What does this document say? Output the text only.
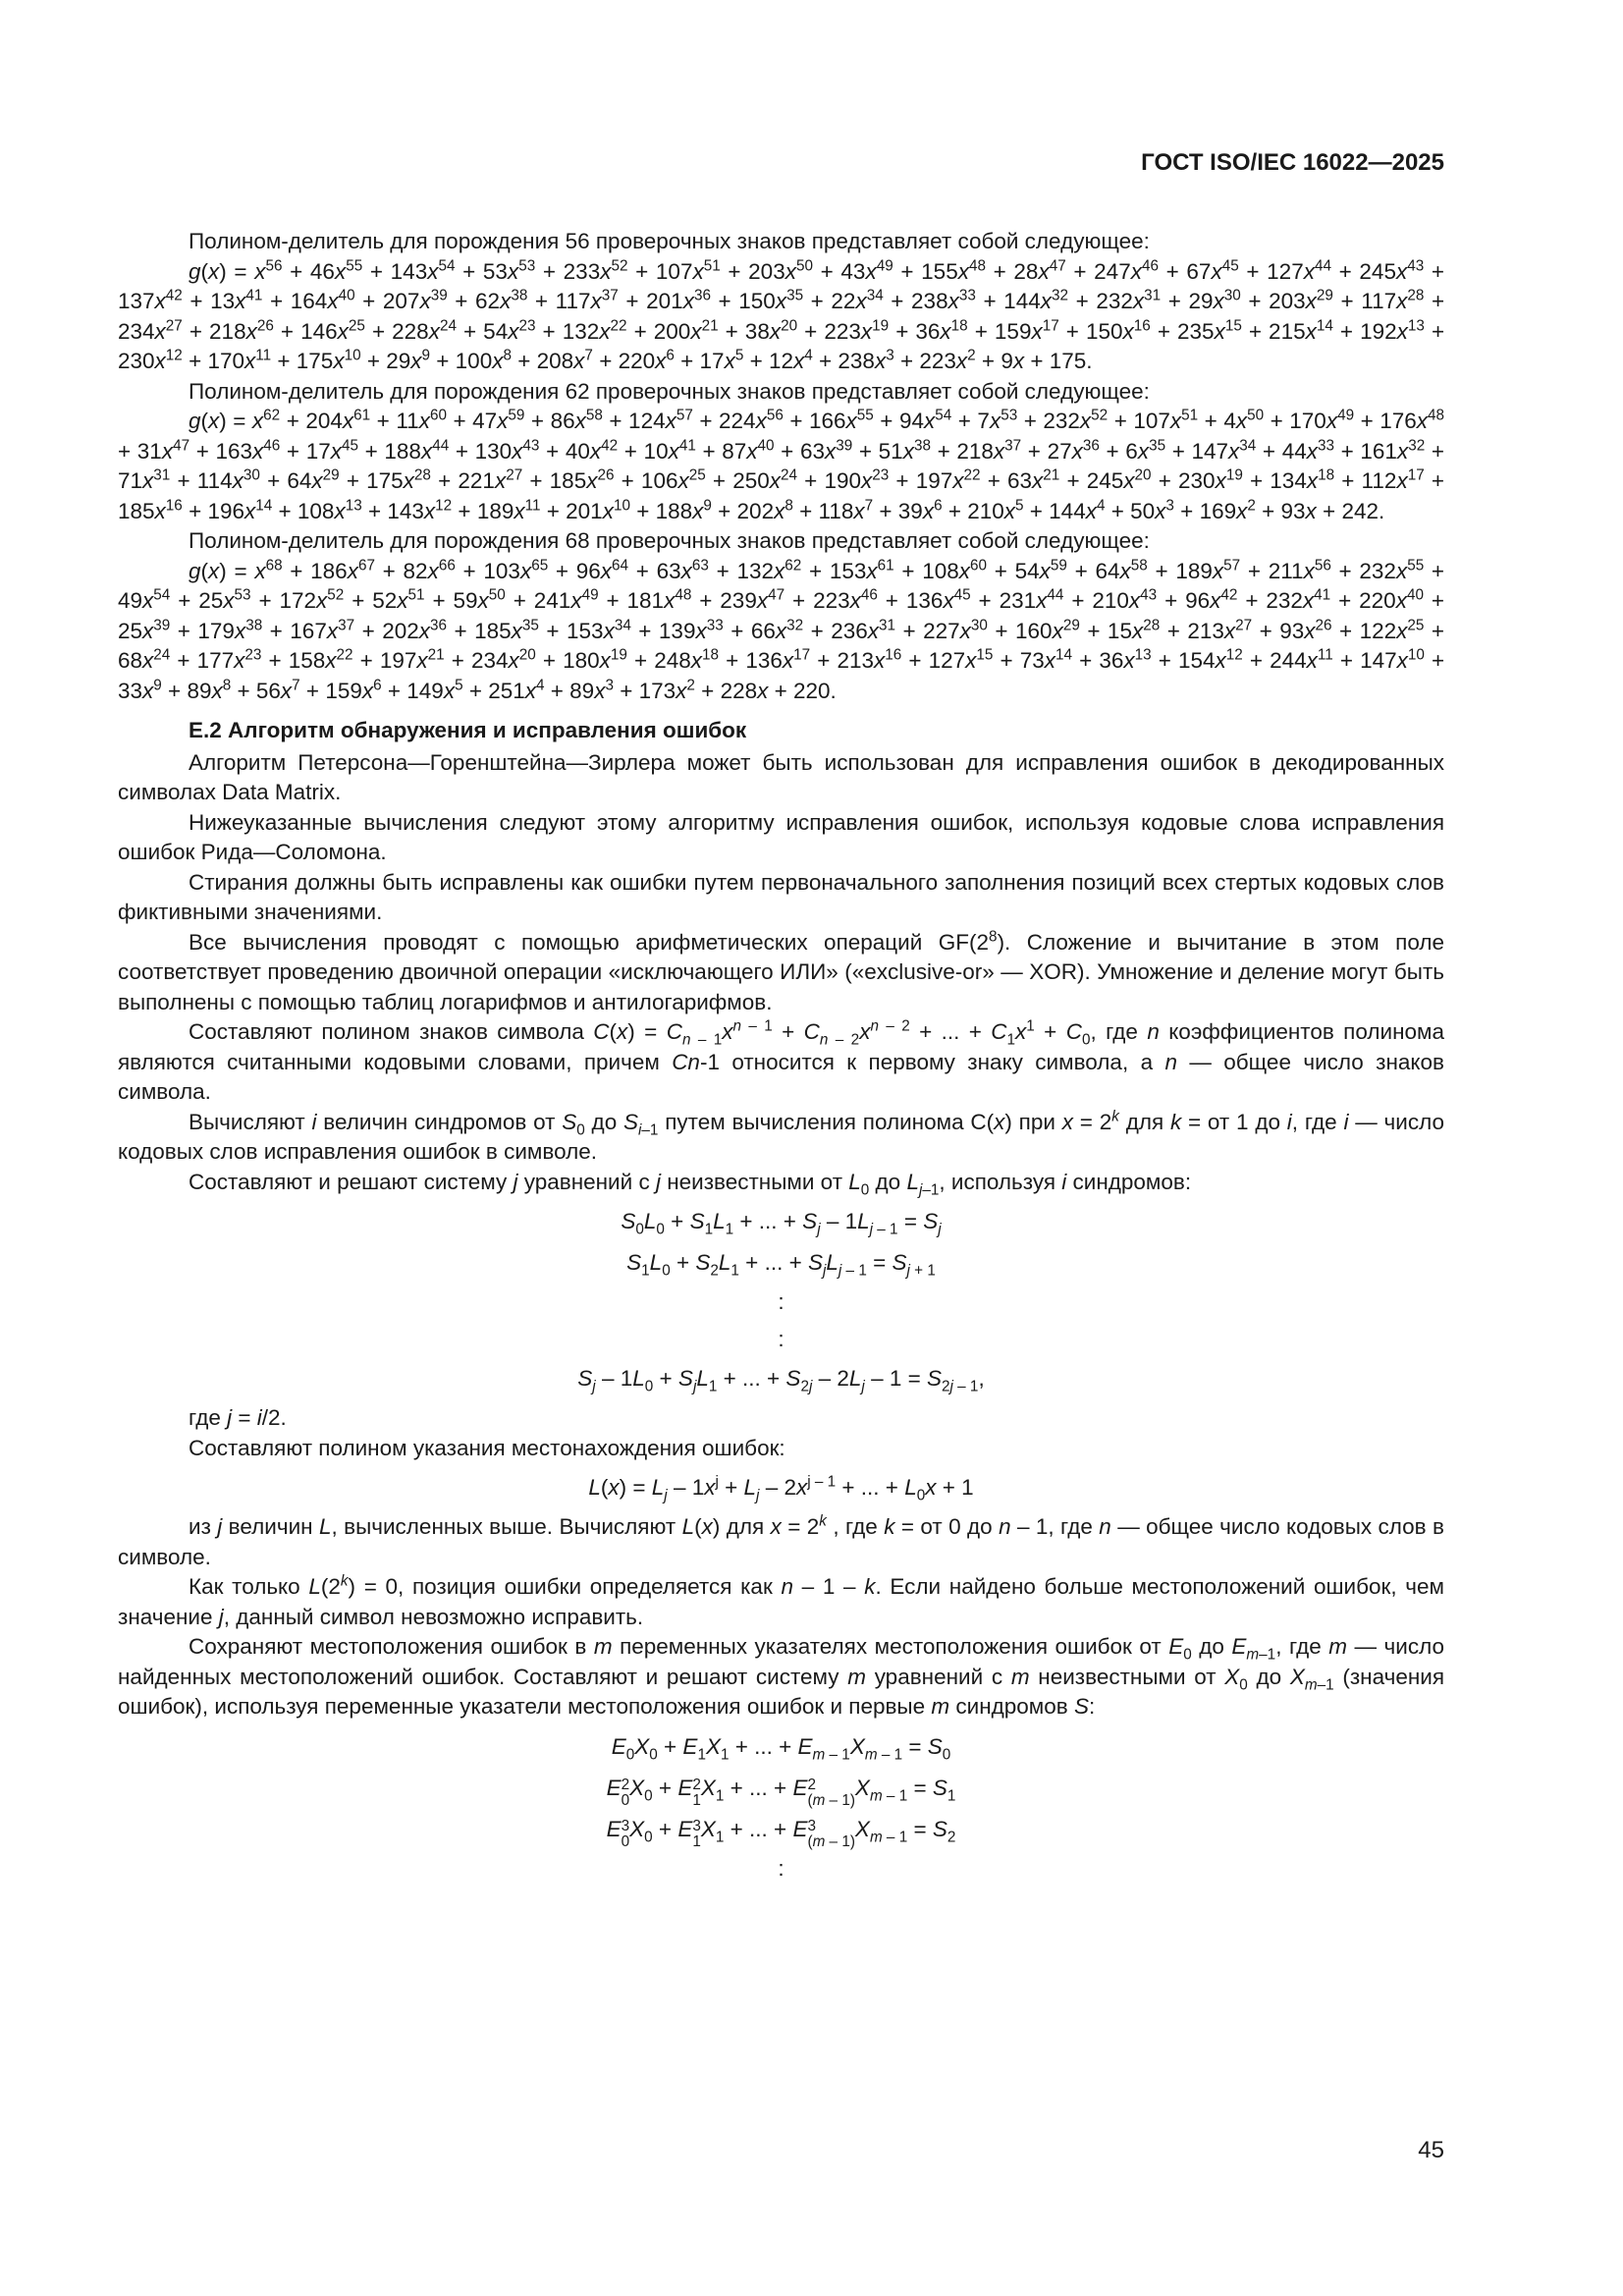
ГОСТ ISO/IEC 16022—2025

Полином-делитель для порождения 56 проверочных знаков представляет собой следующее:

g(x) = $x^{56} + 46x^{55} + 143x^{54} + 53x^{53} + 233x^{52} + 107x^{51} + 203x^{50} + 43x^{49} + 155x^{48} + 28x^{47} + 247x^{46} + 67x^{45} + 127x^{44} + 245x^{43} + 137x^{42} + 13x^{41} + 164x^{40} + 207x^{39} + 62x^{38} + 117x^{37} + 201x^{36} + 150x^{35} + 22x^{34} + 238x^{33} + 144x^{32} + 232x^{31} + 29x^{30} + 203x^{29} + 117x^{28} + 234x^{27} + 218x^{26}$ + $146x^{25} + 228x^{24} + 54x^{23} + 132x^{22} + 200x^{21} + 38x^{20} + 223x^{19} + 36x^{18} + 159x^{17} + 150x^{16} + 235x^{15} + 215x^{14} + 192x^{13} + 230x^{12} + 170x^{11} + 175x^{10} + 29x^9 + 100x^8 + 208x^7 + 220x^6 + 17x^5 + 12x^4 + 238x^3 + 223x^2 + 9x + 175$.

Полином-делитель для порождения 62 проверочных знаков представляет собой следующее:

g(x) = $x^{62} + 204x^{61} + 11x^{60} + 47x^{59} + 86x^{58} + 124x^{57} + 224x^{56} + 166x^{55} + 94x^{54} + 7x^{53} + 232x^{52} + 107x^{51} + 4x^{50} + 170x^{49} + 176x^{48} + 31x^{47} + 163x^{46} + 17x^{45} + 188x^{44} + 130x^{43} + 40x^{42} + 10x^{41} + 87x^{40} + 63x^{39} + 51x^{38} + 218x^{37} + 27x^{36} + 6x^{35} + 147x^{34} + 44x^{33} + 161x^{32}$ + $71x^{31} + 114x^{30} + 64x^{29} + 175x^{28} + 221x^{27} + 185x^{26} + 106x^{25} + 250x^{24} + 190x^{23} + 197x^{22} + 63x^{21} + 245x^{20} + 230x^{19} + 134x^{18} + 112x^{17} + 185x^{16} + 196x^{14} + 108x^{13} + 143x^{12} + 189x^{11} + 201x^{10} + 188x^9 + 202x^8 + 118x^7 + 39x^6 + 210x^5 + 144x^4 + 50x^3 + 169x^2 + 93x + 242$.

Полином-делитель для порождения 68 проверочных знаков представляет собой следующее:

g(x) = $x^{68} + 186x^{67} + 82x^{66} + 103x^{65} + 96x^{64} + 63x^{63} + 132x^{62} + 153x^{61} + 108x^{60} + 54x^{59} + 64x^{58} + 189x^{57} + 211x^{56} + 232x^{55} + 49x^{54} + 25x^{53} + 172x^{52} + 52x^{51} + 59x^{50} + 241x^{49} + 181x^{48} + 239x^{47} + 223x^{46} + 136x^{45} + 231x^{44} + 210x^{43} + 96x^{42} + 232x^{41} + 220x^{40} + 25x^{39} + 179x^{38}$ + $167x^{37} + 202x^{36} + 185x^{35} + 153x^{34} + 139x^{33} + 66x^{32} + 236x^{31} + 227x^{30} + 160x^{29} + 15x^{28} + 213x^{27} + 93x^{26} + 122x^{25} + 68x^{24} + 177x^{23} + 158x^{22} + 197x^{21} + 234x^{20} + 180x^{19} + 248x^{18} + 136x^{17} + 213x^{16} + 127x^{15} + 73x^{14} + 36x^{13} + 154x^{12} + 244x^{11} + 147x^{10} + 33x^9 + 89x^8 + 56x^7$ + $159x^6 + 149x^5 + 251x^4 + 89x^3 + 173x^2 + 228x + 220$.

E.2 Алгоритм обнаружения и исправления ошибок

Алгоритм Петерсона—Горенштейна—Зирлера может быть использован для исправления ошибок в декодированных символах Data Matrix.

Нижеуказанные вычисления следуют этому алгоритму исправления ошибок, используя кодовые слова исправления ошибок Рида—Соломона.

Стирания должны быть исправлены как ошибки путем первоначального заполнения позиций всех стертых кодовых слов фиктивными значениями.

Все вычисления проводят с помощью арифметических операций $GF(2^8)$. Сложение и вычитание в этом поле соответствует проведению двоичной операции «исключающего ИЛИ» («exclusive-or» — XOR). Умножение и деление могут быть выполнены с помощью таблиц логарифмов и антилогарифмов.

Составляют полином знаков символа $C(x) = C_{n - 1}x^{n - 1} + C_{n - 2}x^{n - 2}$ + ... + $C_1x^1 + C_0$, где n коэффициентов полинома являются считанными кодовыми словами, причем Cn-1 относится к первому знаку символа, а n — общее число знаков символа.

Вычисляют i величин синдромов от $S_0$ до $S_{i-1}$ путем вычисления полинома C(x) при $x = 2^k$ для k = от 1 до i, где i — число кодовых слов исправления ошибок в символе.

Составляют и решают систему j уравнений с j неизвестными от $L_0$ до $L_{j-1}$, используя i синдромов:

$S_0L_0 + S_1L_1$ + ... + $S_j - 1L_{j - 1} = S_j$
$S_1L_0 + S_2L_1$ + ... + $S_jL_{j - 1} = S_{j + 1}$
:
:
$S_j - 1L_0 + S_jL_1$ + ... + $S_{2j} - 2L_j - 1 = S_{2j - 1}$,

где j = i/2.

Составляют полином указания местонахождения ошибок:

$L(x) = L_j - 1x^j + L_j - 2x^{j - 1}$ + ... + $L_0x + 1$

из j величин L, вычисленных выше. Вычисляют L(x) для $x = 2^k$ , где k = от 0 до n – 1, где n — общее число кодовых слов в символе.

Как только $L(2^k) = 0$, позиция ошибки определяется как n – 1 – k. Если найдено больше местоположений ошибок, чем значение j, данный символ невозможно исправить.

Сохраняют местоположения ошибок в m переменных указателях местоположения ошибок от $E_0$ до $E_{m-1}$, где m — число найденных местоположений ошибок. Составляют и решают систему m уравнений с m неизвестными от $X_0$ до $X_{m-1}$ (значения ошибок), используя переменные указатели местоположения ошибок и первые m синдромов S:

$E_0X_0 + E_1X_1$ + ... + $E_{m - 1}X_{m - 1} = S_0$
E 2
0
$X_0 + E$ 2
1
$X_1$ + ... + E 2
(m – 1)
$X_{m - 1} = S_1$
E 3
0
$X_0 + E$ 3
1
$X_1$ + ... + E 3
(m – 1)
$X_{m - 1} = S_2$
:
45
